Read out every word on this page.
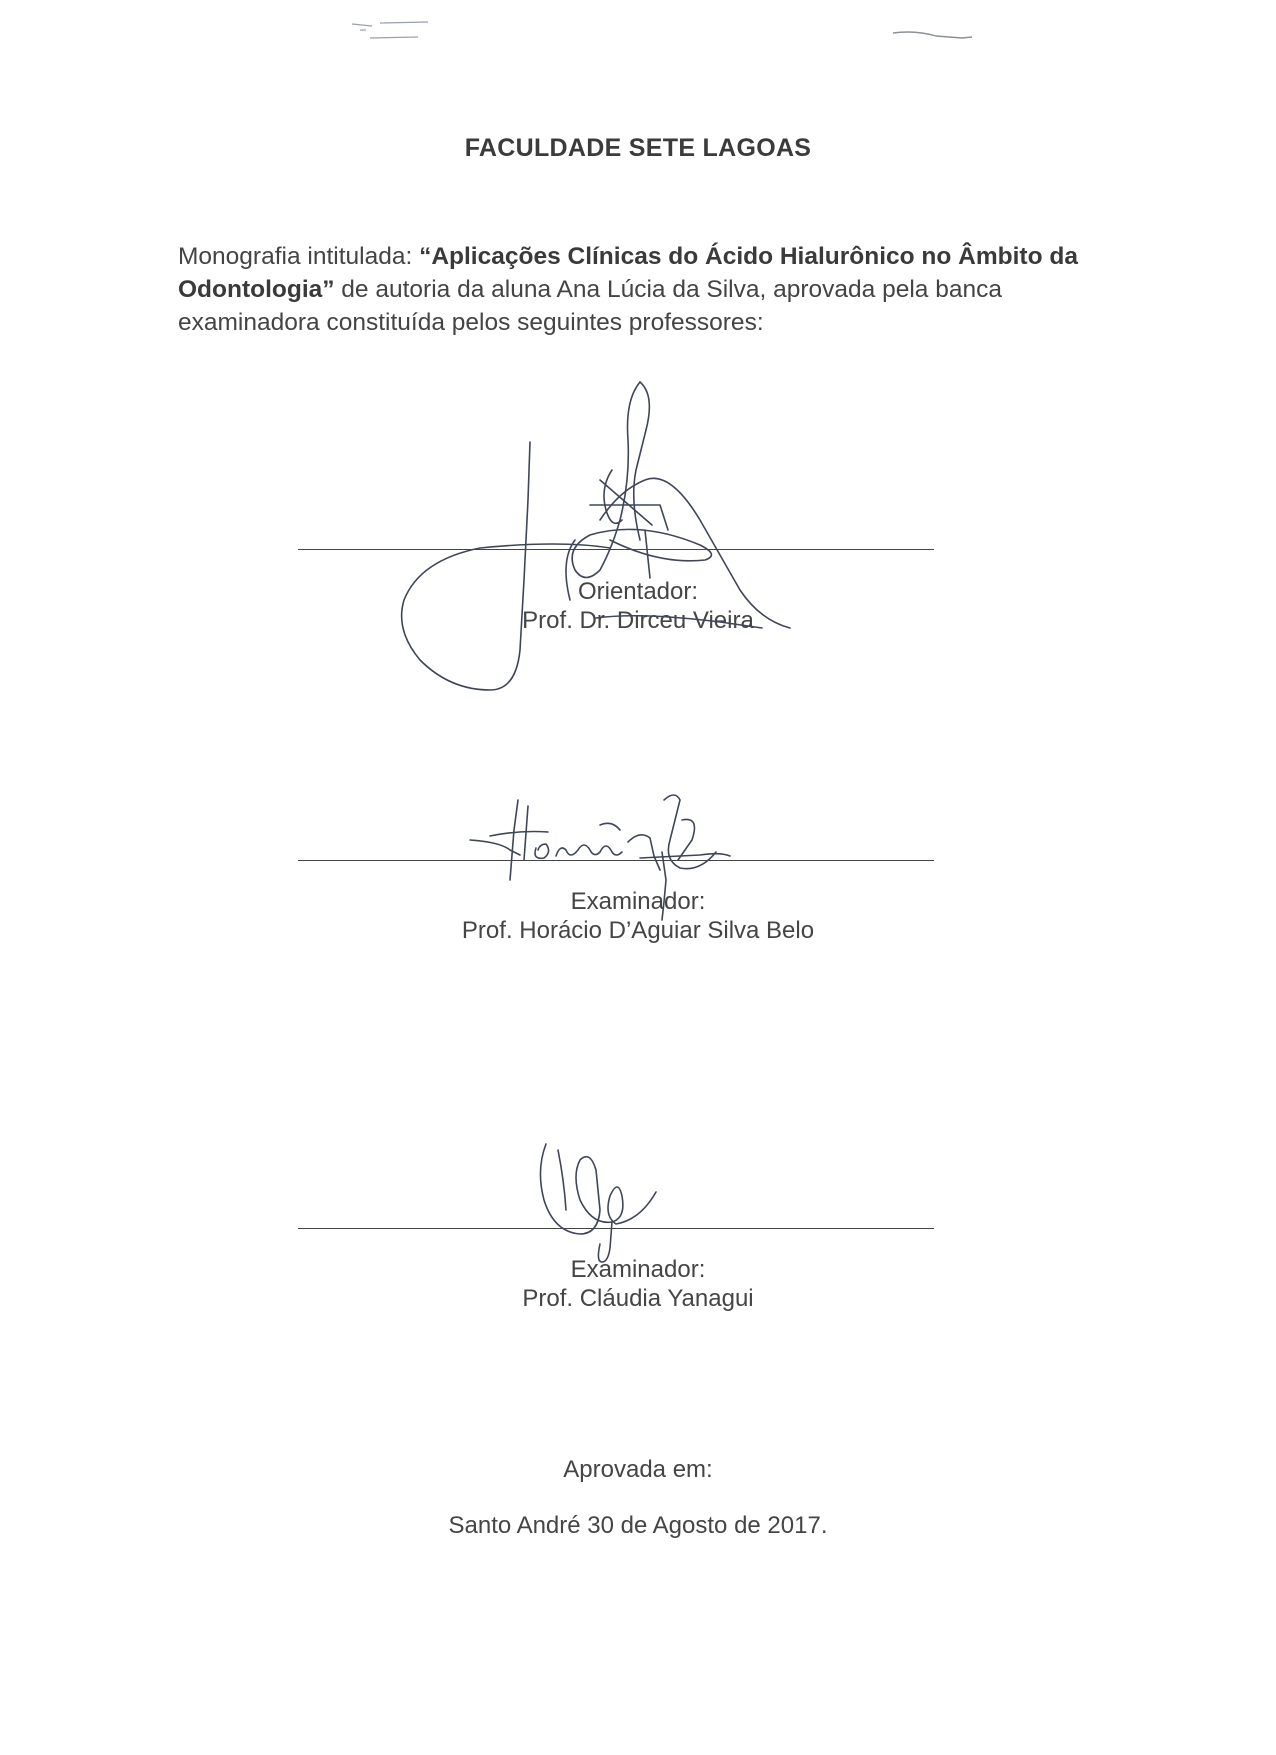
FACULDADE SETE LAGOAS
Monografia intitulada: “Aplicações Clínicas do Ácido Hialurônico no Âmbito da Odontologia” de autoria da aluna Ana Lúcia da Silva, aprovada pela banca examinadora constituída pelos seguintes professores:
Orientador:
Prof. Dr. Dirceu Vieira
Examinador:
Prof. Horácio D’Aguiar Silva Belo
Examinador:
Prof. Cláudia Yanagui
Aprovada em:
Santo André 30 de Agosto de 2017.
